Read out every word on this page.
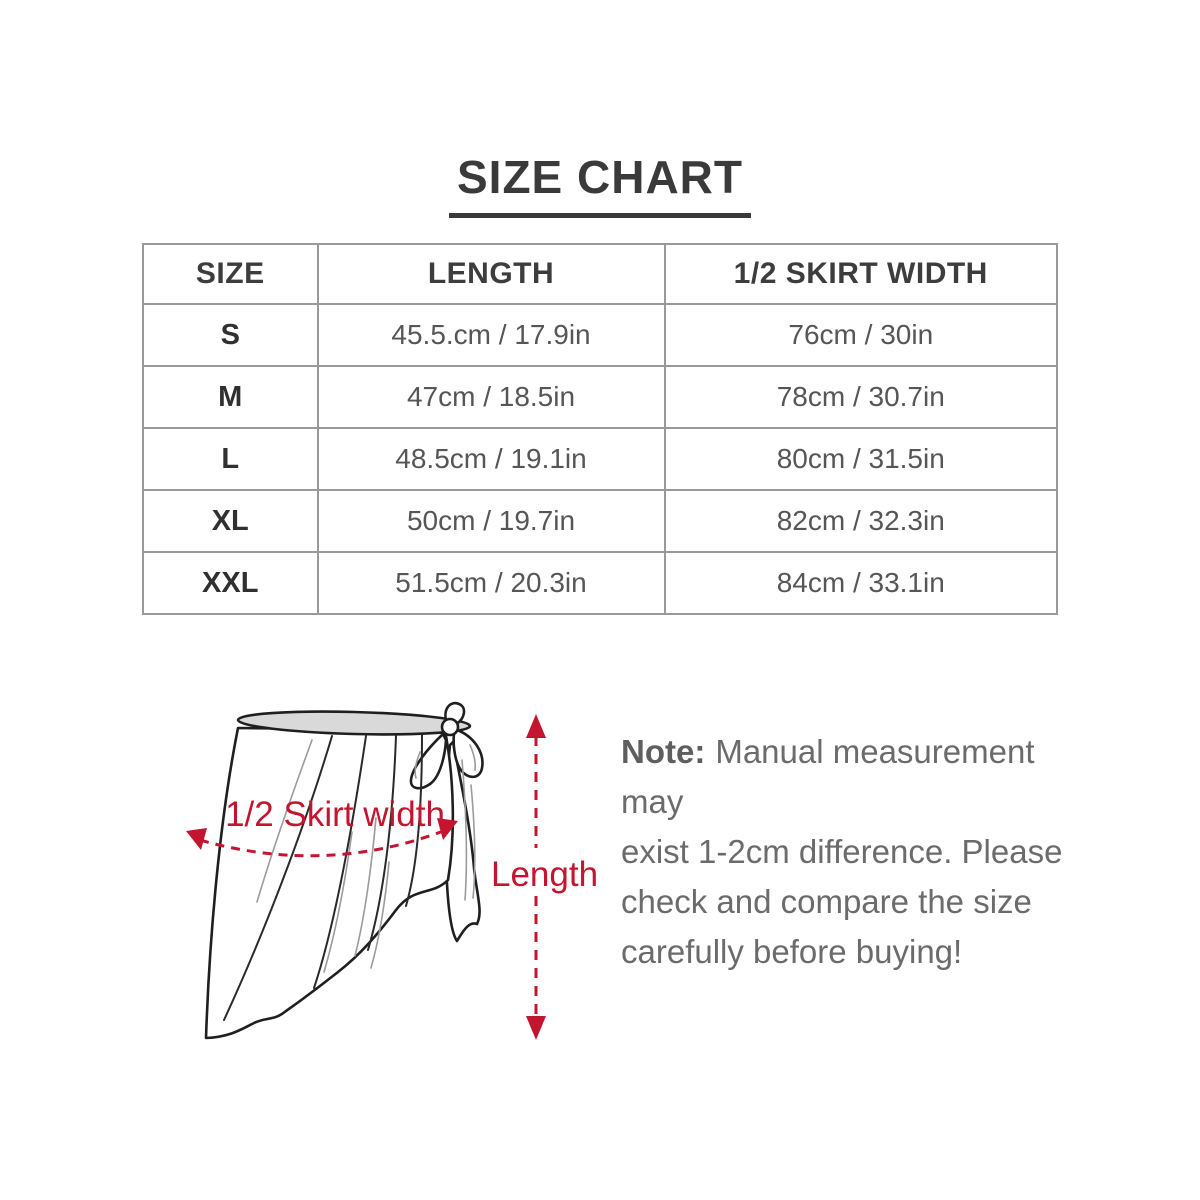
SIZE CHART
SIZE	LENGTH	1/2 SKIRT WIDTH
S	45.5.cm / 17.9in	76cm / 30in
M	47cm / 18.5in	78cm / 30.7in
L	48.5cm / 19.1in	80cm / 31.5in
XL	50cm / 19.7in	82cm / 32.3in
XXL	51.5cm / 20.3in	84cm / 33.1in
1/2 Skirt width
Length
Note: Manual measurement may
exist 1-2cm difference. Please
check and compare the size
carefully before buying!
